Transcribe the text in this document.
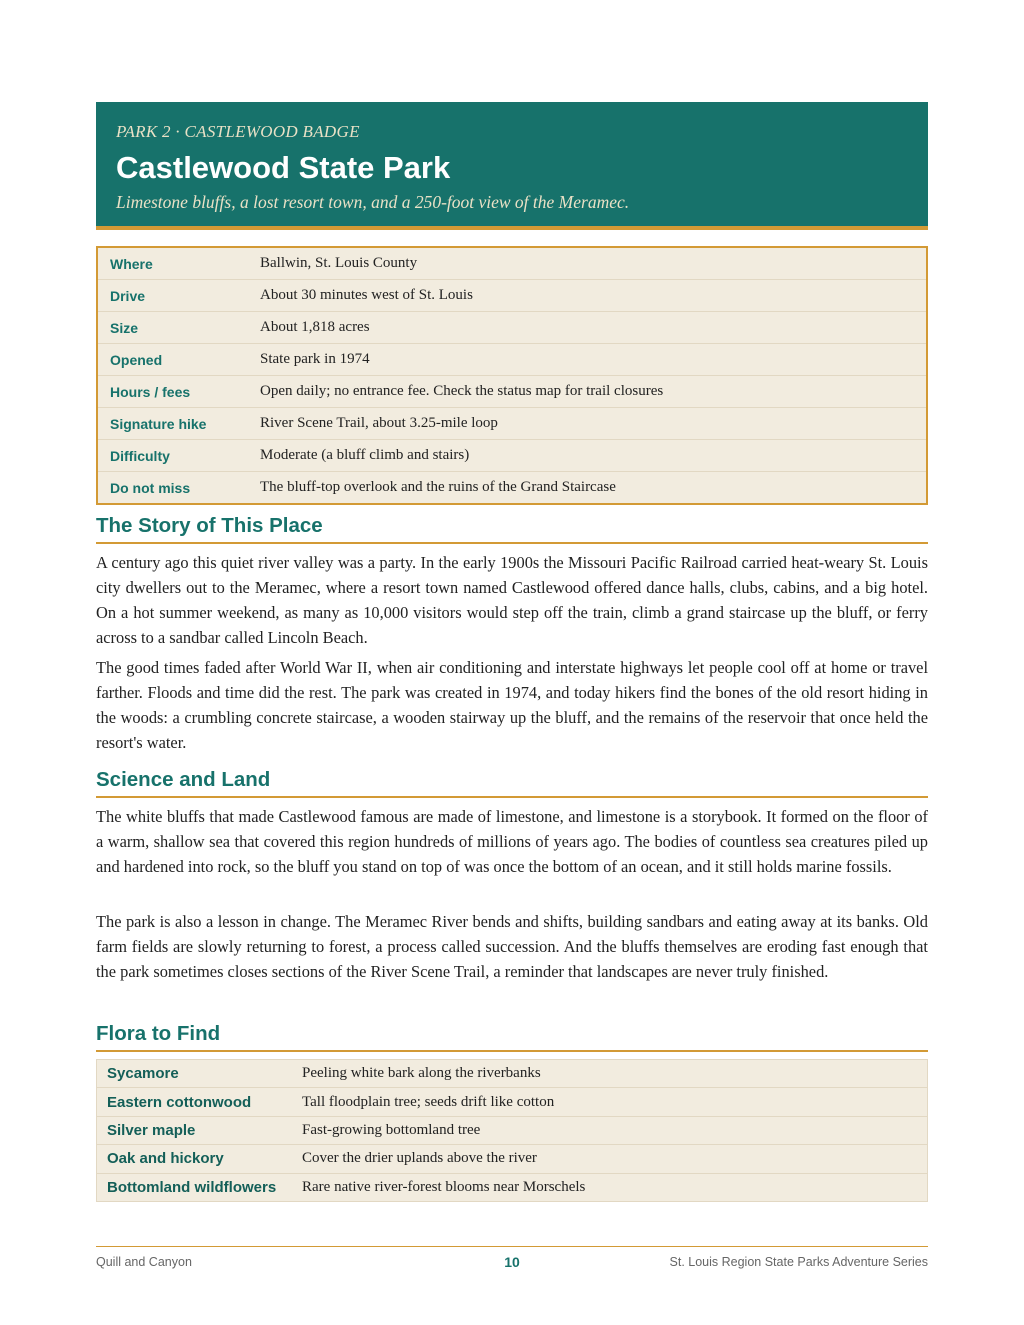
PARK 2 · CASTLEWOOD BADGE
Castlewood State Park
Limestone bluffs, a lost resort town, and a 250-foot view of the Meramec.
Where	Ballwin, St. Louis County
Drive	About 30 minutes west of St. Louis
Size	About 1,818 acres
Opened	State park in 1974
Hours / fees	Open daily; no entrance fee. Check the status map for trail closures
Signature hike	River Scene Trail, about 3.25-mile loop
Difficulty	Moderate (a bluff climb and stairs)
Do not miss	The bluff-top overlook and the ruins of the Grand Staircase
The Story of This Place

A century ago this quiet river valley was a party. In the early 1900s the Missouri Pacific Railroad carried heat-weary St. Louis city dwellers out to the Meramec, where a resort town named Castlewood offered dance halls, clubs, cabins, and a big hotel. On a hot summer weekend, as many as 10,000 visitors would step off the train, climb a grand staircase up the bluff, or ferry across to a sandbar called Lincoln Beach.

The good times faded after World War II, when air conditioning and interstate highways let people cool off at home or travel farther. Floods and time did the rest. The park was created in 1974, and today hikers find the bones of the old resort hiding in the woods: a crumbling concrete staircase, a wooden stairway up the bluff, and the remains of the reservoir that once held the resort's water.

Science and Land

The white bluffs that made Castlewood famous are made of limestone, and limestone is a storybook. It formed on the floor of a warm, shallow sea that covered this region hundreds of millions of years ago. The bodies of countless sea creatures piled up and hardened into rock, so the bluff you stand on top of was once the bottom of an ocean, and it still holds marine fossils.

The park is also a lesson in change. The Meramec River bends and shifts, building sandbars and eating away at its banks. Old farm fields are slowly returning to forest, a process called succession. And the bluffs themselves are eroding fast enough that the park sometimes closes sections of the River Scene Trail, a reminder that landscapes are never truly finished.

Flora to Find
Sycamore	Peeling white bark along the riverbanks
Eastern cottonwood	Tall floodplain tree; seeds drift like cotton
Silver maple	Fast-growing bottomland tree
Oak and hickory	Cover the drier uplands above the river
Bottomland wildflowers	Rare native river-forest blooms near Morschels
Quill and Canyon	10	St. Louis Region State Parks Adventure Series
